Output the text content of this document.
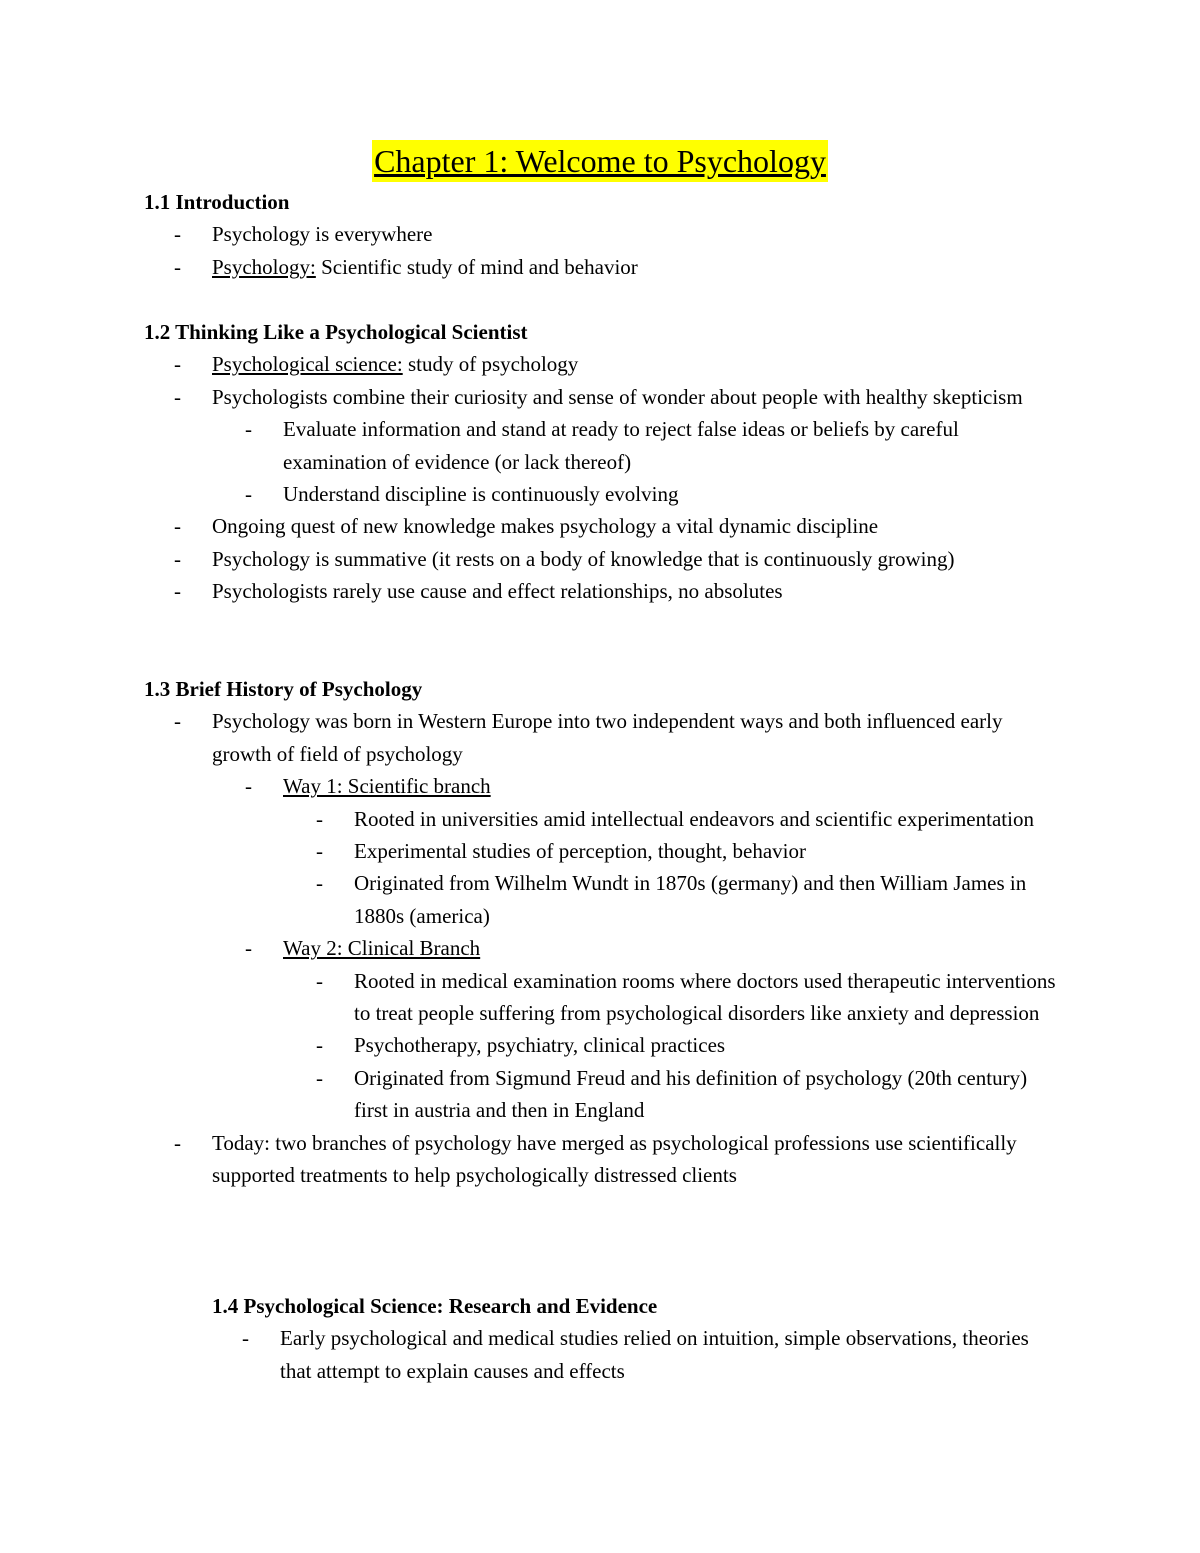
Chapter 1: Welcome to Psychology

1.1 Introduction

-	Psychology is everywhere
-	Psychology: Scientific study of mind and behavior

1.2 Thinking Like a Psychological Scientist

-	Psychological science: study of psychology
-	Psychologists combine their curiosity and sense of wonder about people with healthy skepticism
-	Evaluate information and stand at ready to reject false ideas or beliefs by careful examination of evidence (or lack thereof)
-	Understand discipline is continuously evolving
-	Ongoing quest of new knowledge makes psychology a vital dynamic discipline
-	Psychology is summative (it rests on a body of knowledge that is continuously growing)
-	Psychologists rarely use cause and effect relationships, no absolutes

1.3 Brief History of Psychology

-	Psychology was born in Western Europe into two independent ways and both influenced early growth of field of psychology
-	Way 1: Scientific branch
-	Rooted in universities amid intellectual endeavors and scientific experimentation
-	Experimental studies of perception, thought, behavior
-	Originated from Wilhelm Wundt in 1870s (germany) and then William James in 1880s (america)
-	Way 2: Clinical Branch
-	Rooted in medical examination rooms where doctors used therapeutic interventions to treat people suffering from psychological disorders like anxiety and depression
-	Psychotherapy, psychiatry, clinical practices
-	Originated from Sigmund Freud and his definition of psychology (20th century) first in austria and then in England
-	Today: two branches of psychology have merged as psychological professions use scientifically supported treatments to help psychologically distressed clients

1.4 Psychological Science: Research and Evidence

-	Early psychological and medical studies relied on intuition, simple observations, theories that attempt to explain causes and effects
